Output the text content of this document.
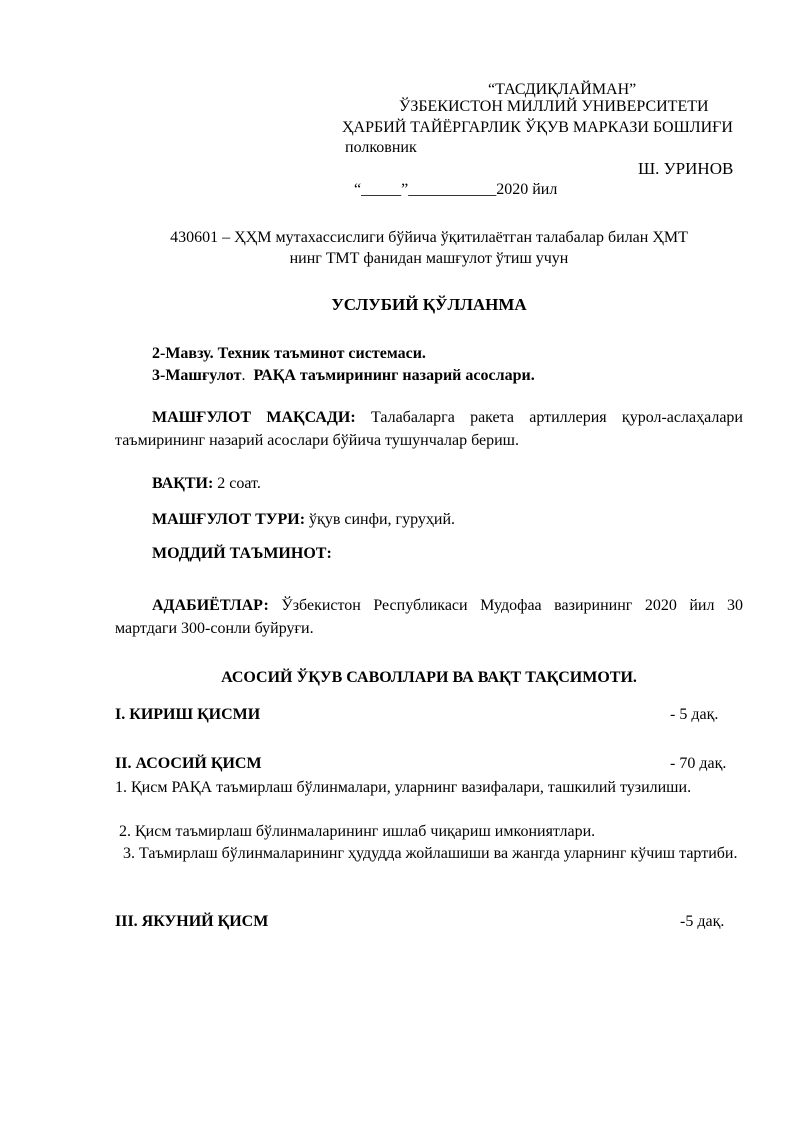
“ТАСДИҚЛАЙМАН”
ЎЗБЕКИСТОН МИЛЛИЙ УНИВЕРСИТЕТИ
ҲАРБИЙ ТАЙЁРГАРЛИК ЎҚУВ МАРКАЗИ БОШЛИҒИ
полковник
Ш. УРИНОВ
“_____”___________2020 йил
430601 – ҲҲМ мутахассислиги бўйича ўқитилаётган талабалар билан ҲМТ
нинг ТМТ фанидан машғулот ўтиш учун
УСЛУБИЙ ҚЎЛЛАНМА
2-Мавзу. Техник таъминот системаси.
3-Машғулот. РАҚА таъмирининг назарий асослари.
МАШҒУЛОТ МАҚСАДИ: Талабаларга ракета артиллерия қурол-аслаҳалари таъмирининг назарий асослари бўйича тушунчалар бериш.
ВАҚТИ: 2 соат.
МАШҒУЛОТ ТУРИ: ўқув синфи, гуруҳий.
МОДДИЙ ТАЪМИНОТ:
АДАБИЁТЛАР: Ўзбекистон Республикаси Мудофаа вазирининг 2020 йил 30 мартдаги 300-сонли буйруғи.
АСОСИЙ ЎҚУВ САВОЛЛАРИ ВА ВАҚТ ТАҚСИМОТИ.
I. КИРИШ ҚИСМИ	- 5 дақ.
II. АСОСИЙ ҚИСМ	- 70 дақ.
1. Қисм РАҚА таъмирлаш бўлинмалари, уларнинг вазифалари, ташкилий тузилиши.
2. Қисм таъмирлаш бўлинмаларининг ишлаб чиқариш имкониятлари.
3. Таъмирлаш бўлинмаларининг ҳудудда жойлашиши ва жангда уларнинг кўчиш тартиби.
III. ЯКУНИЙ ҚИСМ	-5 дақ.
